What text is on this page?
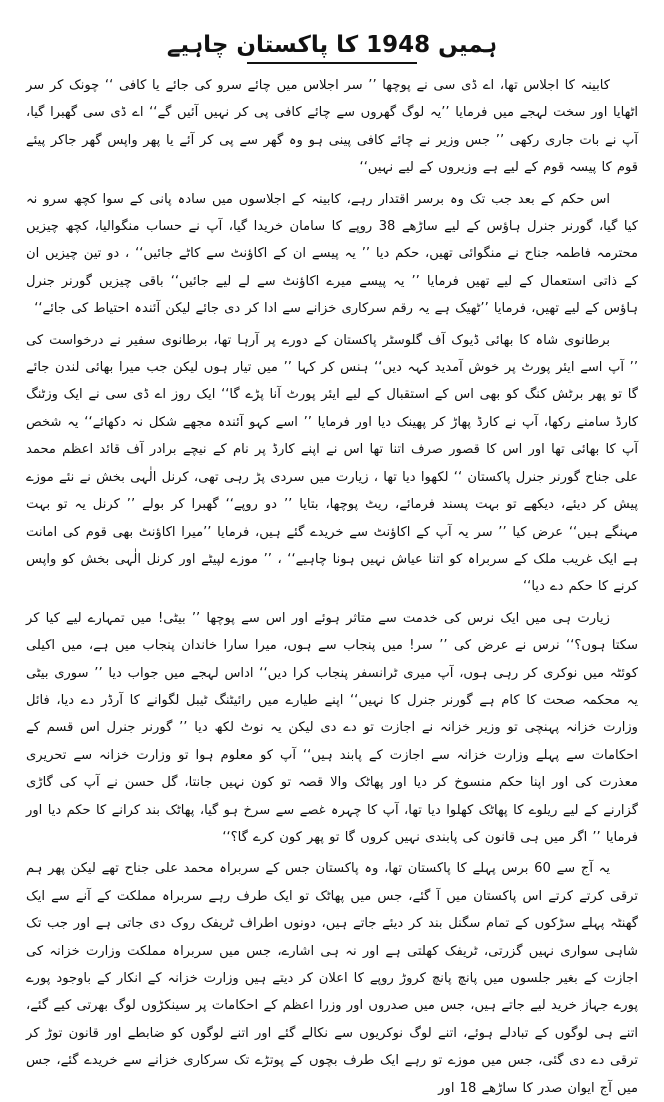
ہمیں 1948 کا پاکستان چاہیے

کابینہ کا اجلاس تھا، اے ڈی سی نے پوچھا ’’ سر اجلاس میں چائے سرو کی جائے یا کافی ‘‘ چونک کر سر اٹھایا اور سخت لہجے میں فرمایا ’’یہ لوگ گھروں سے چائے کافی پی کر نہیں آئیں گے‘‘ اے ڈی سی گھبرا گیا، آپ نے بات جاری رکھی ’’ جس وزیر نے چائے کافی پینی ہو وہ گھر سے پی کر آئے یا پھر واپس گھر جاکر پیئے قوم کا پیسہ قوم کے لیے ہے وزیروں کے لیے نہیں‘‘

اس حکم کے بعد جب تک وہ برسر اقتدار رہے، کابینہ کے اجلاسوں میں سادہ پانی کے سوا کچھ سرو نہ کیا گیا، گورنر جنرل ہاؤس کے لیے ساڑھے 38 روپے کا سامان خریدا گیا، آپ نے حساب منگوالیا، کچھ چیزیں محترمہ فاطمہ جناح نے منگوائی تھیں، حکم دیا ’’ یہ پیسے ان کے اکاؤنٹ سے کاٹے جائیں‘‘ ، دو تین چیزیں ان کے ذاتی استعمال کے لیے تھیں فرمایا ’’ یہ پیسے میرے اکاؤنٹ سے لے لیے جائیں‘‘ باقی چیزیں گورنر جنرل ہاؤس کے لیے تھیں، فرمایا ’’ٹھیک ہے یہ رقم سرکاری خزانے سے ادا کر دی جائے لیکن آئندہ احتیاط کی جائے‘‘

برطانوی شاہ کا بھائی ڈیوک آف گلوسٹر پاکستان کے دورے پر آرہا تھا، برطانوی سفیر نے درخواست کی ’’ آپ اسے ایئر پورٹ پر خوش آمدید کہہ دیں‘‘ ہنس کر کہا ’’ میں تیار ہوں لیکن جب میرا بھائی لندن جائے گا تو پھر برٹش کنگ کو بھی اس کے استقبال کے لیے ایئر پورٹ آنا پڑے گا‘‘ ایک روز اے ڈی سی نے ایک وزٹنگ کارڈ سامنے رکھا، آپ نے کارڈ پھاڑ کر پھینک دیا اور فرمایا ’’ اسے کہو آئندہ مجھے شکل نہ دکھائے‘‘ یہ شخص آپ کا بھائی تھا اور اس کا قصور صرف اتنا تھا اس نے اپنے کارڈ پر نام کے نیچے برادر آف قائد اعظم محمد علی جناح گورنر جنرل پاکستان ‘‘ لکھوا دیا تھا ، زیارت میں سردی پڑ رہی تھی، کرنل الٰہی بخش نے نئے موزے پیش کر دیئے، دیکھے تو بہت پسند فرمائے، ریٹ پوچھا، بتایا ’’ دو روپے‘‘ گھبرا کر بولے ’’ کرنل یہ تو بہت مہنگے ہیں‘‘ عرض کیا ’’ سر یہ آپ کے اکاؤنٹ سے خریدے گئے ہیں، فرمایا ’’میرا اکاؤنٹ بھی قوم کی امانت ہے ایک غریب ملک کے سربراہ کو اتنا عیاش نہیں ہونا چاہیے‘‘ ، ’’ موزے لپیٹے اور کرنل الٰہی بخش کو واپس کرنے کا حکم دے دیا‘‘

زیارت ہی میں ایک نرس کی خدمت سے متاثر ہوئے اور اس سے پوچھا ’’ بیٹی! میں تمہارے لیے کیا کر سکتا ہوں؟‘‘ نرس نے عرض کی ’’ سر! میں پنجاب سے ہوں، میرا سارا خاندان پنجاب میں ہے، میں اکیلی کوئٹہ میں نوکری کر رہی ہوں، آپ میری ٹرانسفر پنجاب کرا دیں‘‘ اداس لہجے میں جواب دیا ’’ سوری بیٹی یہ محکمہ صحت کا کام ہے گورنر جنرل کا نہیں‘‘ اپنے طیارے میں رائیٹنگ ٹیبل لگوانے کا آرڈر دے دیا، فائل وزارت خزانہ پہنچی تو وزیر خزانہ نے اجازت تو دے دی لیکن یہ نوٹ لکھ دیا ’’ گورنر جنرل اس قسم کے احکامات سے پہلے وزارت خزانہ سے اجازت کے پابند ہیں‘‘ آپ کو معلوم ہوا تو وزارت خزانہ سے تحریری معذرت کی اور اپنا حکم منسوخ کر دیا اور پھاٹک والا قصہ تو کون نہیں جانتا، گل حسن نے آپ کی گاڑی گزارنے کے لیے ریلوے کا پھاٹک کھلوا دیا تھا، آپ کا چہرہ غصے سے سرخ ہو گیا، پھاٹک بند کرانے کا حکم دیا اور فرمایا ’’ اگر میں ہی قانون کی پابندی نہیں کروں گا تو پھر کون کرے گا؟‘‘

یہ آج سے 60 برس پہلے کا پاکستان تھا، وہ پاکستان جس کے سربراہ محمد علی جناح تھے لیکن پھر ہم ترقی کرتے کرتے اس پاکستان میں آ گئے، جس میں پھاٹک تو ایک طرف رہے سربراہ مملکت کے آنے سے ایک گھنٹہ پہلے سڑکوں کے تمام سگنل بند کر دیئے جاتے ہیں، دونوں اطراف ٹریفک روک دی جاتی ہے اور جب تک شاہی سواری نہیں گزرتی، ٹریفک کھلتی ہے اور نہ ہی اشارے، جس میں سربراہ مملکت وزارت خزانہ کی اجازت کے بغیر جلسوں میں پانچ پانچ کروڑ روپے کا اعلان کر دیتے ہیں وزارت خزانہ کے انکار کے باوجود پورے پورے جہاز خرید لیے جاتے ہیں، جس میں صدروں اور وزرا اعظم کے احکامات پر سینکڑوں لوگ بھرتی کیے گئے، اتنے ہی لوگوں کے تبادلے ہوئے، اتنے لوگ نوکریوں سے نکالے گئے اور اتنے لوگوں کو ضابطے اور قانون توڑ کر ترقی دے دی گئی، جس میں موزے تو رہے ایک طرف بچوں کے پوتڑے تک سرکاری خزانے سے خریدے گئے، جس میں آج ایوان صدر کا ساڑھے 18 اور
